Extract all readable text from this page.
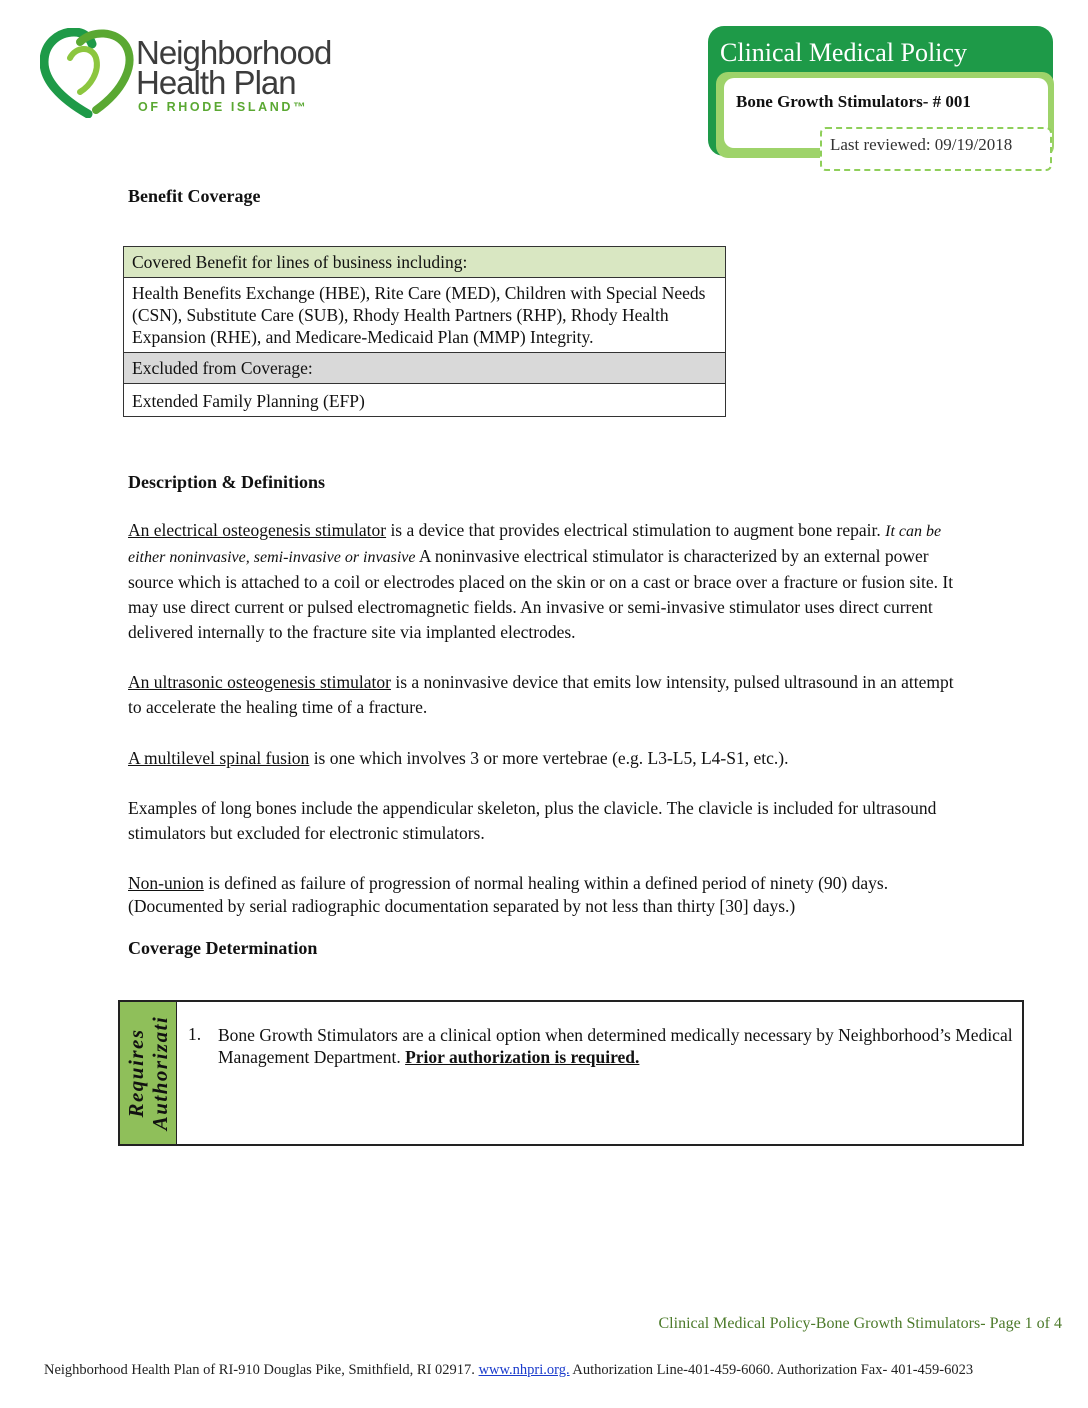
Neighborhood
Health Plan
OF RHODE ISLAND™
Clinical Medical Policy
Bone Growth Stimulators- # 001
Last reviewed: 09/19/2018
Benefit Coverage
Covered Benefit for lines of business including:
Health Benefits Exchange (HBE), Rite Care (MED), Children with Special Needs (CSN), Substitute Care (SUB), Rhody Health Partners (RHP), Rhody Health Expansion (RHE), and Medicare-Medicaid Plan (MMP) Integrity.
Excluded from Coverage:
Extended Family Planning (EFP)
Description & Definitions

An electrical osteogenesis stimulator is a device that provides electrical stimulation to augment bone repair. It can be either noninvasive, semi-invasive or invasive A noninvasive electrical stimulator is characterized by an external power source which is attached to a coil or electrodes placed on the skin or on a cast or brace over a fracture or fusion site. It may use direct current or pulsed electromagnetic fields. An invasive or semi-invasive stimulator uses direct current delivered internally to the fracture site via implanted electrodes.

An ultrasonic osteogenesis stimulator is a noninvasive device that emits low intensity, pulsed ultrasound in an attempt to accelerate the healing time of a fracture.

A multilevel spinal fusion is one which involves 3 or more vertebrae (e.g. L3-L5, L4-S1, etc.).

Examples of long bones include the appendicular skeleton, plus the clavicle. The clavicle is included for ultrasound stimulators but excluded for electronic stimulators.

Non-union is defined as failure of progression of normal healing within a defined period of ninety (90) days. (Documented by serial radiographic documentation separated by not less than thirty [30] days.)

Coverage Determination
Requires Authorizati 1. Bone Growth Stimulators are a clinical option when determined medically necessary by Neighborhood’s Medical Management Department. Prior authorization is required.
Clinical Medical Policy-Bone Growth Stimulators- Page 1 of 4
Neighborhood Health Plan of RI-910 Douglas Pike, Smithfield, RI 02917. www.nhpri.org. Authorization Line-401-459-6060. Authorization Fax- 401-459-6023
